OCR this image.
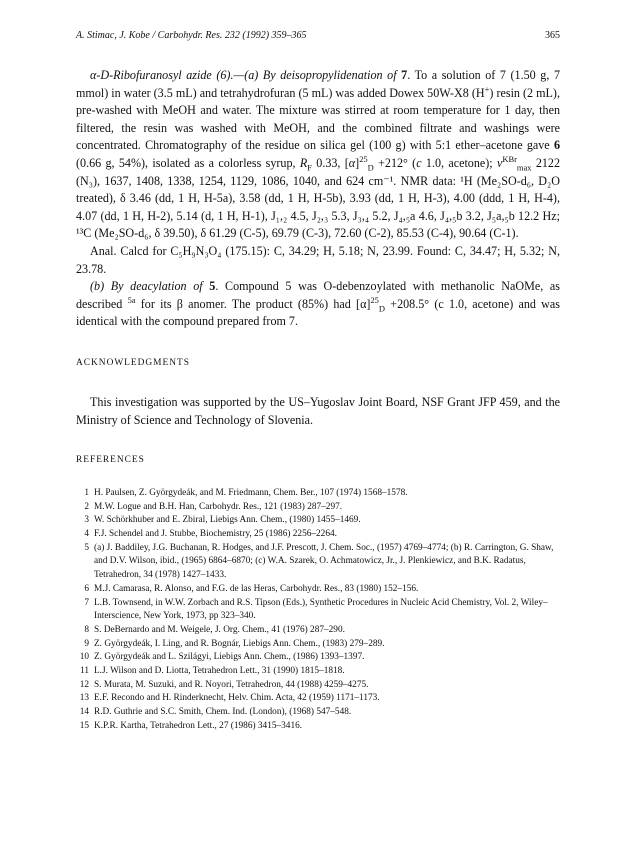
A. Stimac, J. Kobe / Carbohydr. Res. 232 (1992) 359–365	365

α-D-Ribofuranosyl azide (6).—(a) By deisopropylidenation of 7. To a solution of 7 (1.50 g, 7 mmol) in water (3.5 mL) and tetrahydrofuran (5 mL) was added Dowex 50W-X8 (H+) resin (2 mL), pre-washed with MeOH and water. The mixture was stirred at room temperature for 1 day, then filtered, the resin was washed with MeOH, and the combined filtrate and washings were concentrated. Chromatography of the residue on silica gel (100 g) with 5:1 ether–acetone gave 6 (0.66 g, 54%), isolated as a colorless syrup, $R_F$ 0.33, $[\alpha]^{25}_D +212^\circ$ (c 1.0, acetone); $\nu^{KBr}_{max}$ 2122 (N₃), 1637, 1408, 1338, 1254, 1129, 1086, 1040, and 624 cm⁻¹. NMR data: ¹H (Me₂SO-d₆, D₂O treated), δ 3.46 (dd, 1 H, H-5a), 3.58 (dd, 1 H, H-5b), 3.93 (dd, 1 H, H-3), 4.00 (ddd, 1 H, H-4), 4.07 (dd, 1 H, H-2), 5.14 (d, 1 H, H-1), J₁,₂ 4.5, J₂,₃ 5.3, J₃,₄ 5.2, J₄,₅a 4.6, J₄,₅b 3.2, J₅a,₅b 12.2 Hz; ¹³C (Me₂SO-d₆, δ 39.50), δ 61.29 (C-5), 69.79 (C-3), 72.60 (C-2), 85.53 (C-4), 90.64 (C-1).

Anal. Calcd for C₅H₉N₃O₄ (175.15): C, 34.29; H, 5.18; N, 23.99. Found: C, 34.47; H, 5.32; N, 23.78.

(b) By deacylation of 5. Compound 5 was O-debenzoylated with methanolic NaOMe, as described $^{5a}$ for its β anomer. The product (85%) had $[\alpha]^{25}_D +208.5^\circ$ (c 1.0, acetone) and was identical with the compound prepared from 7.

ACKNOWLEDGMENTS
This investigation was supported by the US–Yugoslav Joint Board, NSF Grant JFP 459, and the Ministry of Science and Technology of Slovenia.
REFERENCES
1 H. Paulsen, Z. Györgydeák, and M. Friedmann, Chem. Ber., 107 (1974) 1568–1578.
2 M.W. Logue and B.H. Han, Carbohydr. Res., 121 (1983) 287–297.
3 W. Schörkhuber and E. Zbiral, Liebigs Ann. Chem., (1980) 1455–1469.
4 F.J. Schendel and J. Stubbe, Biochemistry, 25 (1986) 2256–2264.
5 (a) J. Baddiley, J.G. Buchanan, R. Hodges, and J.F. Prescott, J. Chem. Soc., (1957) 4769–4774; (b) R. Carrington, G. Shaw, and D.V. Wilson, ibid., (1965) 6864–6870; (c) W.A. Szarek, O. Achmatowicz, Jr., J. Plenkiewicz, and B.K. Radatus, Tetrahedron, 34 (1978) 1427–1433.
6 M.J. Camarasa, R. Alonso, and F.G. de las Heras, Carbohydr. Res., 83 (1980) 152–156.
7 L.B. Townsend, in W.W. Zorbach and R.S. Tipson (Eds.), Synthetic Procedures in Nucleic Acid Chemistry, Vol. 2, Wiley–Interscience, New York, 1973, pp 323–340.
8 S. DeBernardo and M. Weigele, J. Org. Chem., 41 (1976) 287–290.
9 Z. Györgydeák, I. Ling, and R. Bognár, Liebigs Ann. Chem., (1983) 279–289.
10 Z. Györgydeák and L. Szilágyi, Liebigs Ann. Chem., (1986) 1393–1397.
11 L.J. Wilson and D. Liotta, Tetrahedron Lett., 31 (1990) 1815–1818.
12 S. Murata, M. Suzuki, and R. Noyori, Tetrahedron, 44 (1988) 4259–4275.
13 E.F. Recondo and H. Rinderknecht, Helv. Chim. Acta, 42 (1959) 1171–1173.
14 R.D. Guthrie and S.C. Smith, Chem. Ind. (London), (1968) 547–548.
15 K.P.R. Kartha, Tetrahedron Lett., 27 (1986) 3415–3416.
